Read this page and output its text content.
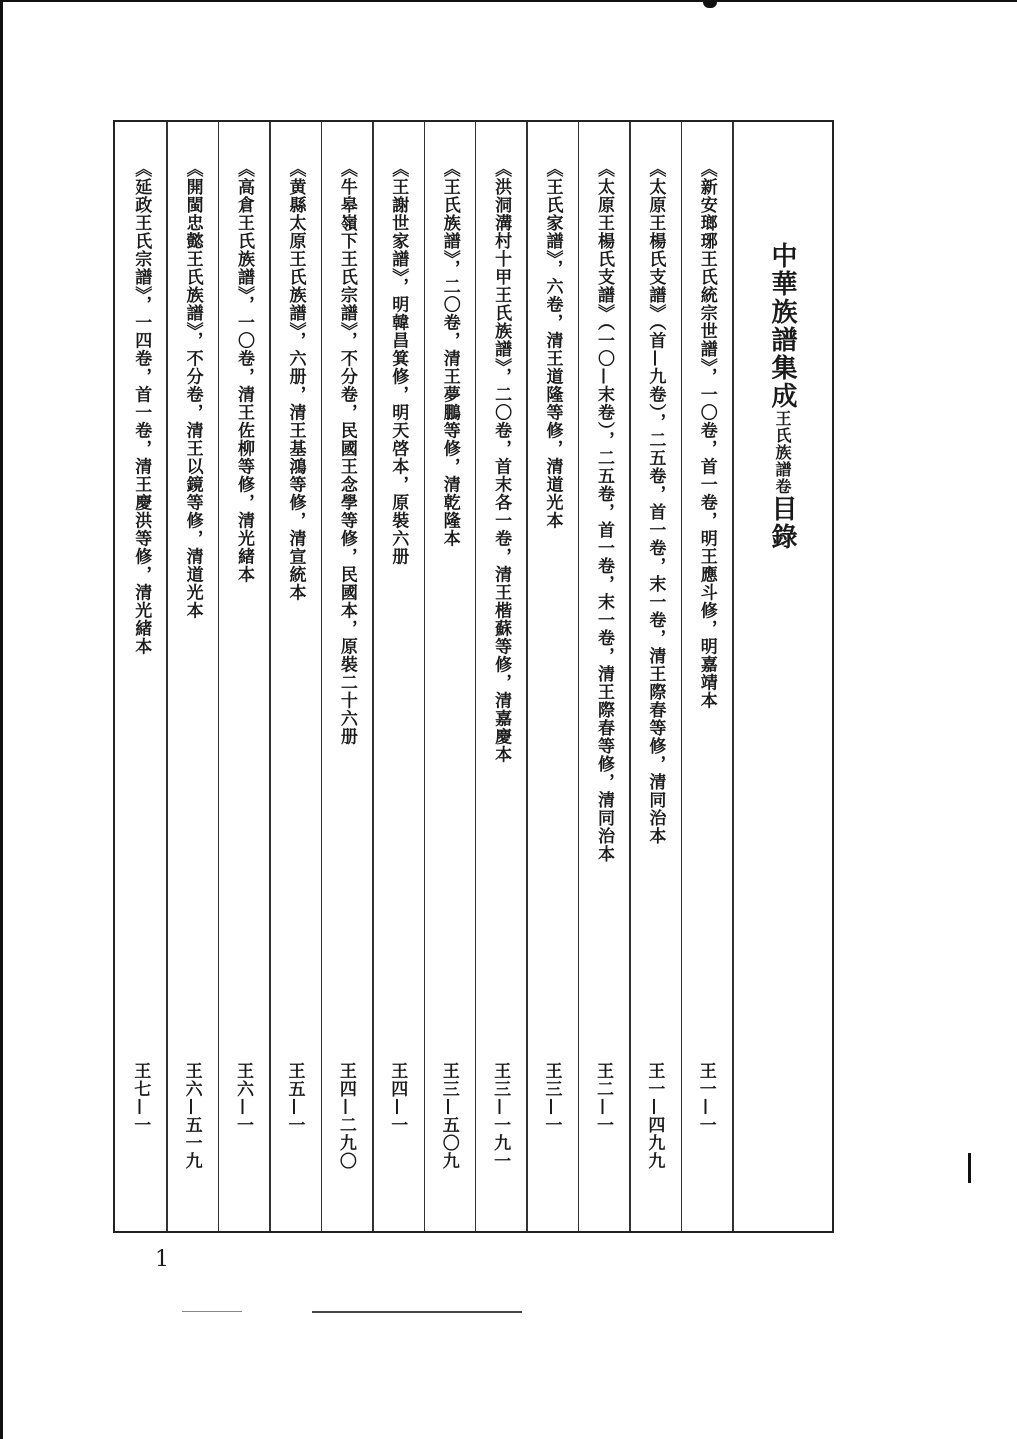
中華族譜集成王氏族譜卷目錄
《新安瑯琊王氏統宗世譜》，一〇卷，首一卷，明王應斗修，明嘉靖本
王一—一
《太原王楊氏支譜》（首—九卷），二五卷，首一卷，末一卷，清王際春等修，清同治本
王一—四九九
《太原王楊氏支譜》（一〇—末卷），二五卷，首一卷，末一卷，清王際春等修，清同治本
王二—一
《王氏家譜》，六卷，清王道隆等修，清道光本
王三—一
《洪洞溝村十甲王氏族譜》，二〇卷，首末各一卷，清王楷蘇等修，清嘉慶本
王三—一九一
《王氏族譜》，二〇卷，清王夢鵬等修，清乾隆本
王三—五〇九
《王謝世家譜》，明韓昌箕修，明天啓本，原裝六册
王四—一
《牛皋嶺下王氏宗譜》，不分卷，民國王念學等修，民國本，原裝二十六册
王四—二九〇
《黄縣太原王氏族譜》，六册，清王基鴻等修，清宣統本
王五—一
《高倉王氏族譜》，一〇卷，清王佐柳等修，清光緒本
王六—一
《開閩忠懿王氏族譜》，不分卷，清王以鏡等修，清道光本
王六—五一九
《延政王氏宗譜》，一四卷，首一卷，清王慶洪等修，清光緒本
王七—一
1
